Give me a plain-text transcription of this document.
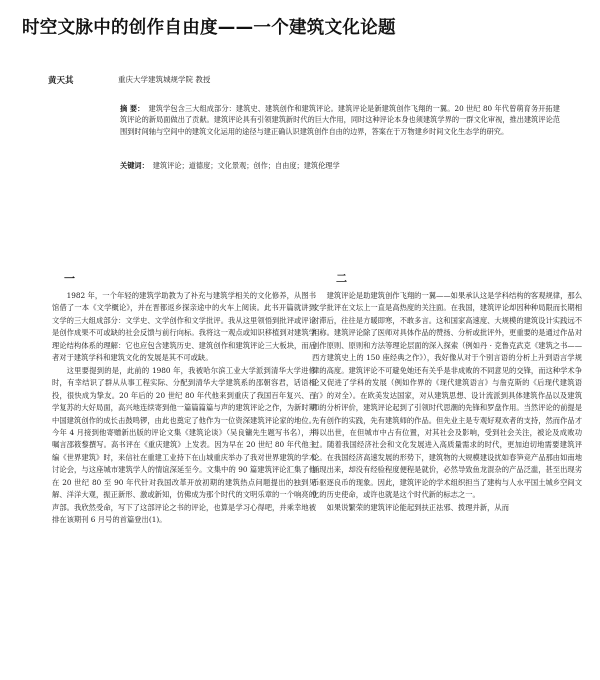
时空文脉中的创作自由度——一个建筑文化论题
黄天其	重庆大学建筑城规学院 教授
摘 要： 建筑学包含三大组成部分：建筑史、建筑创作和建筑评论。建筑评论是新建筑创作飞翔的一翼。20 世纪 80 年代曾萌育务开拓建筑评论的新局面做出了贡献。建筑评论具有引领建筑新时代的巨大作用，同时这种评论本身也须建筑学界的一群文化审视，推出建筑评论范围到时间轴与空间中的建筑文化运用的途径与建正确认识建筑创作自由的边界，答案在于万物建乡时间文化生态学的研究。
关键词： 建筑评论；道德度；文化景观；创作；自由度；建筑伦理学
一	二

1982 年，一个年轻的建筑学助教为了补充与建筑学相关的文化修养，从图书馆借了一本《文学概论》，并在晋都返乡探亲途中的火车上阅读。此书开篇就讲到文学的三大组成部分：文学史、文学创作和文学批评。我从这里领悟到批评或评论是创作成果不可或缺的社会反馈与前行向标。我将这一观点或知识移植到对建筑学理论结构体系的理解：它也应包含建筑历史、建筑创作和建筑评论三大板块，而后者对于建筑学科和建筑文化的发展是其不可或缺。

这里要提到的是，此前的 1980 年，我被哈尔滨工业大学派到清华大学进修时，有幸结识了群从从事工程实际、分配到清华大学建筑系的邵朝容君，话语相投，很快成为挚友。20 年后的 20 世纪 80 年代他来到重庆了我国百年复兴、百学复苏的大好局面，高兴地连续寄到他一篇篇篇篇与声的建筑评论之作，为新时期中国建筑创作的成长击鼓鸣锣，由此也奠定了他作为一位资深建筑评论家的地位。今年 4 月接到他寄赠新出版的评论文集《建筑论谈》（吴良镛先生题写书名），并嘱言邵筱黎撰写。高书评在《重庆建筑》上发表。因为早在 20 世纪 80 年代他主编《世界建筑》时，来信社在重建工业持下在山城重庆举办了我对世界建筑的学术讨论会，与这座城市建筑学人的情谊深延至今。文集中的 90 篇建筑评论汇集了他在 20 世纪 80 至 90 年代针对我国改革开放初期的建筑热点问题提出的独到见解、洋洋大观，振正新形、激或新知，仿佛成为那个时代的文明乐章的一个响亮的声部。我欣然受命，写下了这部评论之书的评论，也算是学习心得吧，并乘幸地被排在该期刊 6 月号的首篇登出(1)。

建筑评论是助建筑创作飞翔的一翼——如果承认这是学科结构的客观规律，那么文学批评在文坛上一直是高热度的关注面。在我国，建筑评论却因种种局限而长期相对滞后，往往是方暖即寒，不敢多言。这和国家高速度、大规模的建筑设计实践远不相称。建筑评论除了医师对具体作品的赞扬、分析或批评外，更重要的是通过作品对创作原则、原则和方法等理论层面的深入探索（例如丹 · 克鲁克武克《建筑之书——西方建筑史上的 150 座经典之作》），我好像从对于个别言语的分析上升到语言学规律的高度。建筑评论不可避免她还有关乎是非成败的不同意见的交锋，而这种学术争论又促进了学科的发展（例如作界的《现代建筑语言》与詹克斯的《后现代建筑语言》的对全）。在欧美发达国家，对从建筑思想、设计流派到具体建筑作品以及建筑师的分析评价，建筑评论起到了引领时代思潮的先锋和罗盘作用。当然评论的前提是先有创作的实践，先有建筑师的作品。但先业主是专观好观欢者的支持，然而作品才得以出世，在但城市中占有位置，对其社会及影响，受到社会关注，被论及成败功过。随着我国经济社会和文化发展进入高质量需求的时代，更加迫切地需要建筑评论。在我国经济高速发展的形势下，建筑物的大规模建设扰如春笋竞产品那由如南地涌现出来，却没有经验程度便程是就价，必然导致鱼龙混杂的产品泛滥，甚至出现劣币驱逐良币的现象。因此，建筑评论的学术组织担当了建构与人水平国土城乡空间文化的历史使命，或许也就是这个时代新的标志之一。

如果说繁荣的建筑评论能起到扶正祛邪、拨理并新，从而
